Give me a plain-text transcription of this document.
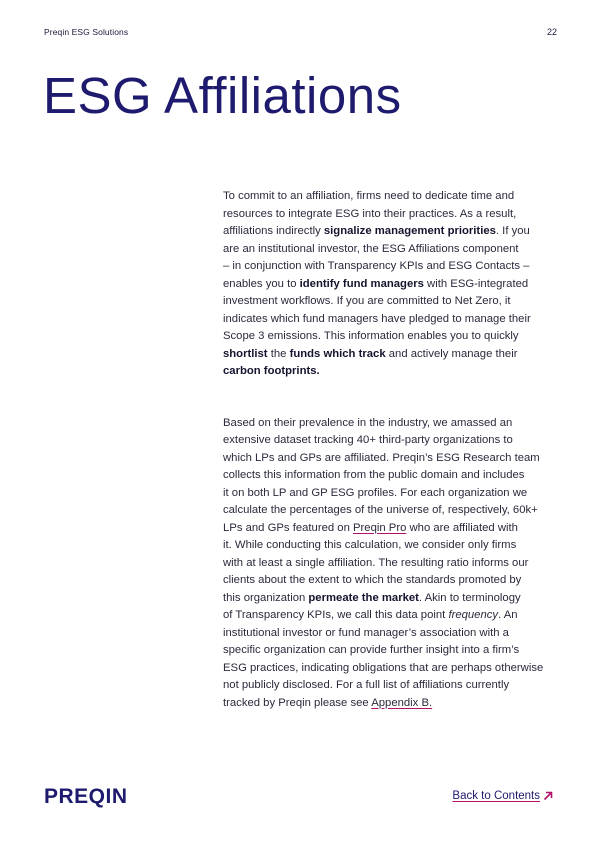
Preqin ESG Solutions	22
ESG Affiliations
To commit to an affiliation, firms need to dedicate time and
resources to integrate ESG into their practices. As a result,
affiliations indirectly signalize management priorities. If you
are an institutional investor, the ESG Affiliations component
– in conjunction with Transparency KPIs and ESG Contacts –
enables you to identify fund managers with ESG-integrated
investment workflows. If you are committed to Net Zero, it
indicates which fund managers have pledged to manage their
Scope 3 emissions. This information enables you to quickly
shortlist the funds which track and actively manage their
carbon footprints.
Based on their prevalence in the industry, we amassed an
extensive dataset tracking 40+ third-party organizations to
which LPs and GPs are affiliated. Preqin’s ESG Research team
collects this information from the public domain and includes
it on both LP and GP ESG profiles. For each organization we
calculate the percentages of the universe of, respectively, 60k+
LPs and GPs featured on Preqin Pro who are affiliated with
it. While conducting this calculation, we consider only firms
with at least a single affiliation. The resulting ratio informs our
clients about the extent to which the standards promoted by
this organization permeate the market. Akin to terminology
of Transparency KPIs, we call this data point frequency. An
institutional investor or fund manager’s association with a
specific organization can provide further insight into a firm’s
ESG practices, indicating obligations that are perhaps otherwise
not publicly disclosed. For a full list of affiliations currently
tracked by Preqin please see Appendix B.
PREQIN	Back to Contents
